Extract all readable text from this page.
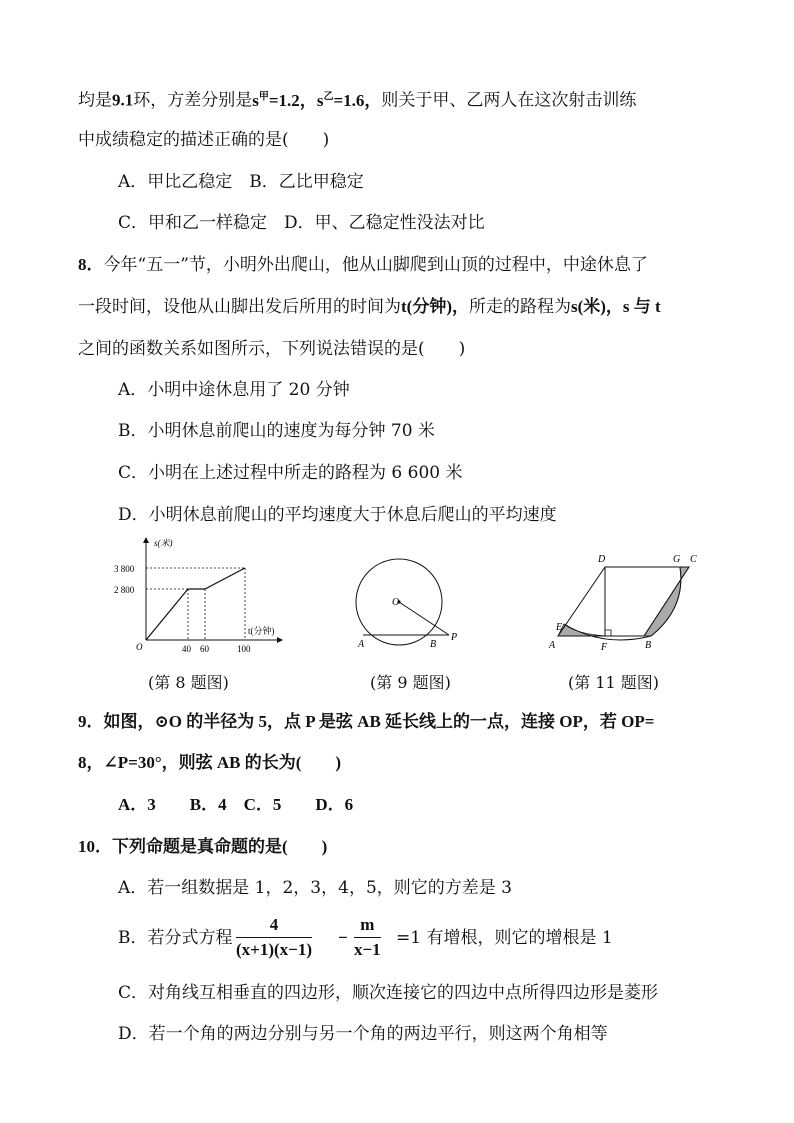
均是9.1环，方差分别是$s^甲=1.2$，$s^乙=1.6$，则关于甲、乙两人在这次射击训练
中成绩稳定的描述正确的是(　　)
A．甲比乙稳定　 B．乙比甲稳定
C．甲和乙一样稳定　 D．甲、乙稳定性没法对比
8．今年“五一”节，小明外出爬山，他从山脚爬到山顶的过程中，中途休息了
一段时间，设他从山脚出发后所用的时间为t(分钟)，所走的路程为s(米)，s 与 t
之间的函数关系如图所示，下列说法错误的是(　　)
A．小明中途休息用了 20 分钟
B．小明休息前爬山的速度为每分钟 70 米
C．小明在上述过程中所走的路程为 6 600 米
D．小明休息前爬山的平均速度大于休息后爬山的平均速度
s(米)
t(分钟)
3 800
2 800
40 60	100
O
(第 8 题图)
O
A	B
P
(第 9 题图)
D	G C
E
A	F	B
(第 11 题图)
9．如图，⊙O 的半径为 5，点 P 是弦 AB 延长线上的一点，连接 OP，若 OP=
8，∠P=30°，则弦 AB 的长为(　　)
A．3　　B．4　C．5　　D．6
10．下列命题是真命题的是(　　)
A．若一组数据是 1，2，3，4，5，则它的方差是 3
B．若分式方程 $\frac{4}{(x+1)(x-1)} - \frac{m}{x-1} =1$ 有增根，则它的增根是 1
C．对角线互相垂直的四边形，顺次连接它的四边中点所得四边形是菱形
D．若一个角的两边分别与另一个角的两边平行，则这两个角相等
